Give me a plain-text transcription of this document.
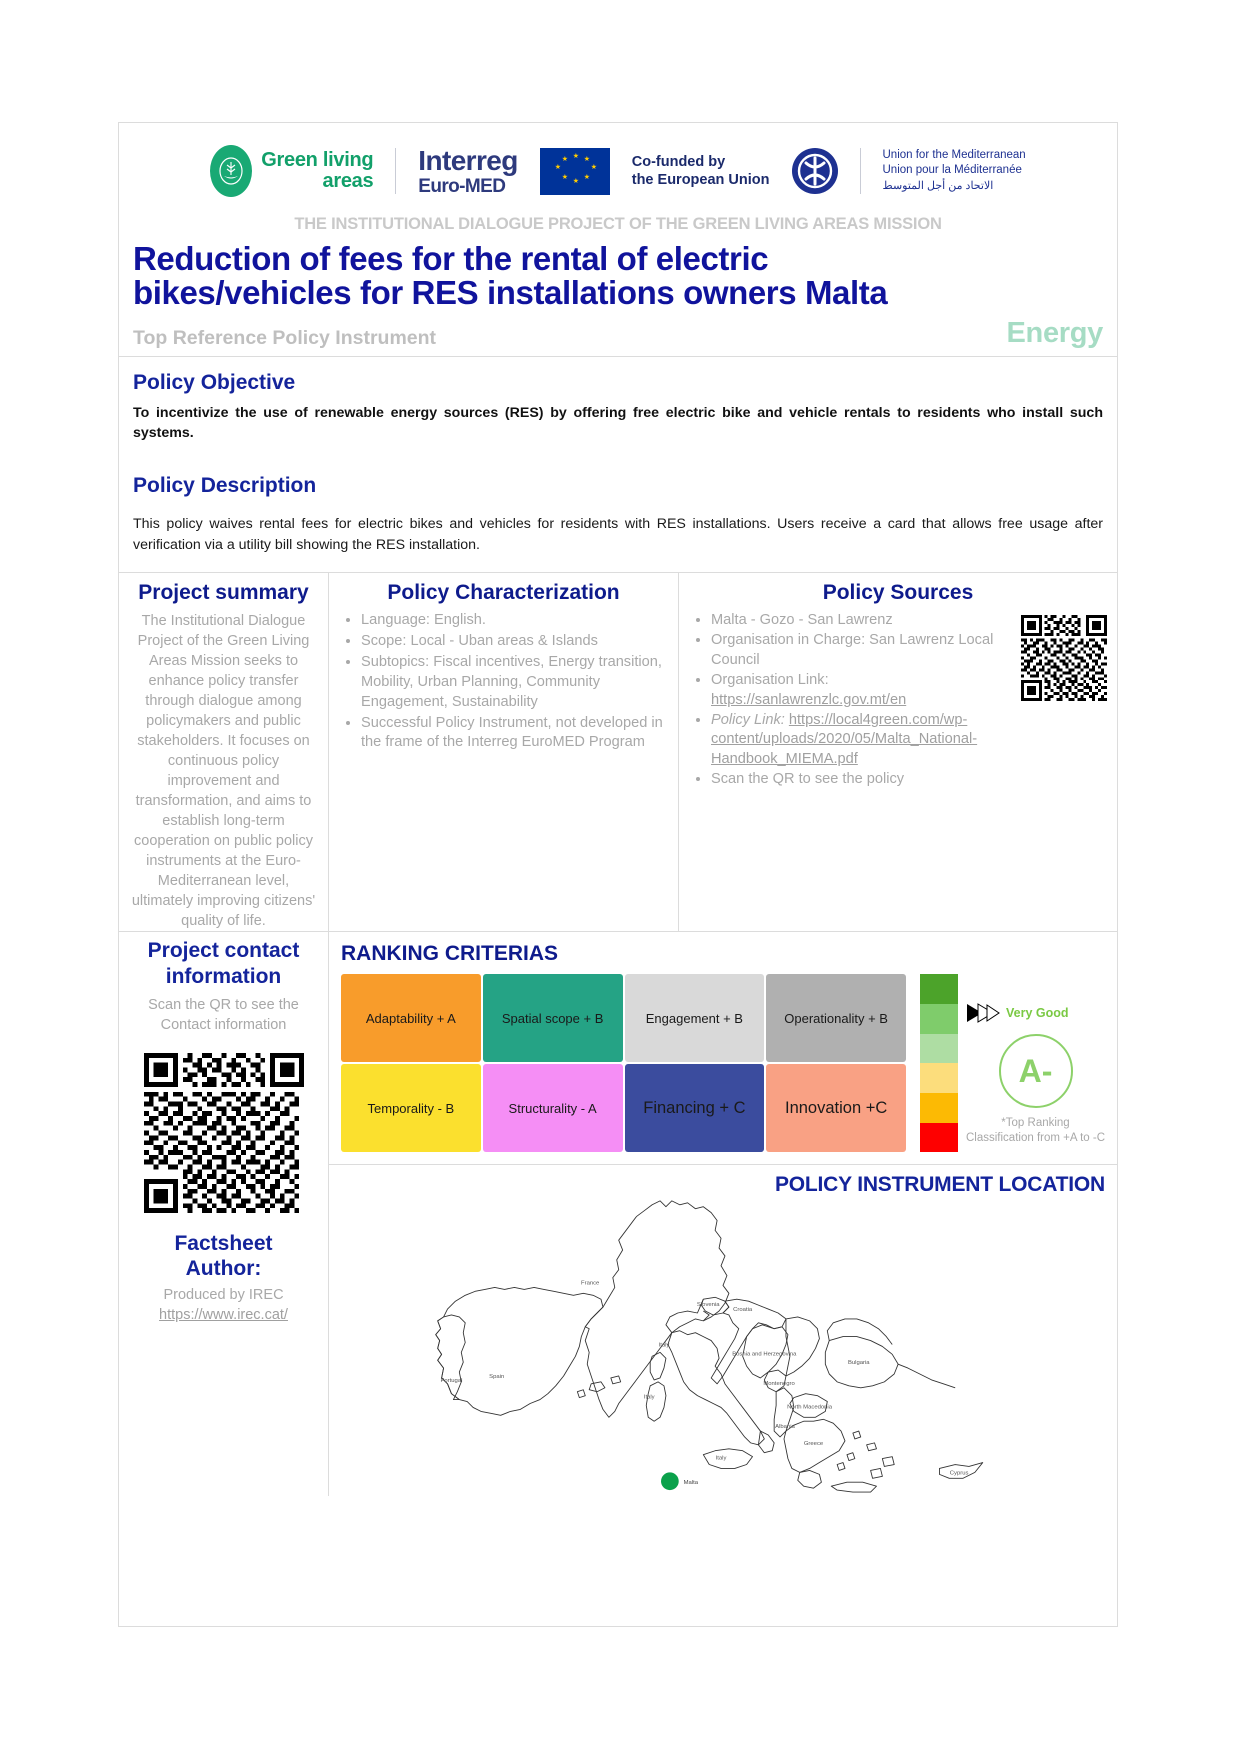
Green living
areas
Interreg
Euro-MED
★ ★
★
★
★
★
★
★	Co-funded by
the European Union
Union for the Mediterranean
Union pour la Méditerranée
الاتحاد من أجل المتوسط
THE INSTITUTIONAL DIALOGUE PROJECT OF THE GREEN LIVING AREAS MISSION
Reduction of fees for the rental of electric
bikes/vehicles for RES installations owners Malta
Top Reference Policy Instrument	Energy
Policy Objective
To incentivize the use of renewable energy sources (RES) by offering free electric bike and vehicle rentals to residents who install such systems.
Policy Description
This policy waives rental fees for electric bikes and vehicles for residents with RES installations. Users receive a card that allows free usage after verification via a utility bill showing the RES installation.
Project summary
The Institutional Dialogue Project of the Green Living Areas Mission seeks to enhance policy transfer through dialogue among policymakers and public stakeholders. It focuses on continuous policy improvement and transformation, and aims to establish long-term cooperation on public policy instruments at the Euro-Mediterranean level, ultimately improving citizens' quality of life.
Policy Characterization
• Language: English.
• Scope: Local - Uban areas & Islands
• Subtopics: Fiscal incentives, Energy transition, Mobility, Urban Planning, Community Engagement, Sustainability
• Successful Policy Instrument, not developed in the frame of the Interreg EuroMED Program
Policy Sources
• Malta - Gozo - San Lawrenz
• Organisation in Charge: San Lawrenz Local Council
• Organisation Link:
https://sanlawrenzlc.gov.mt/en
• Policy Link: https://local4green.com/wp-content/uploads/2020/05/Malta_National-Handbook_MIEMA.pdf
• Scan the QR to see the policy
Project contact
information
Scan the QR to see the Contact information
Factsheet
Author:
Produced by IREC
https://www.irec.cat/
RANKING CRITERIAS
Adaptability + A	Spatial scope + B	Engagement + B	Operationality + B
Temporality - B	Structurality - A	Financing + C	Innovation +C
Very Good
A-
*Top Ranking Classification from +A to -C
POLICY INSTRUMENT LOCATION
France
Spain
Portugal
Italy
Italy
Italy
Slovenia
Croatia
Bosnia and Herzegovina
Montenegro
North Macedonia
Albania
Bulgaria
Greece
Cyprus
Malta
